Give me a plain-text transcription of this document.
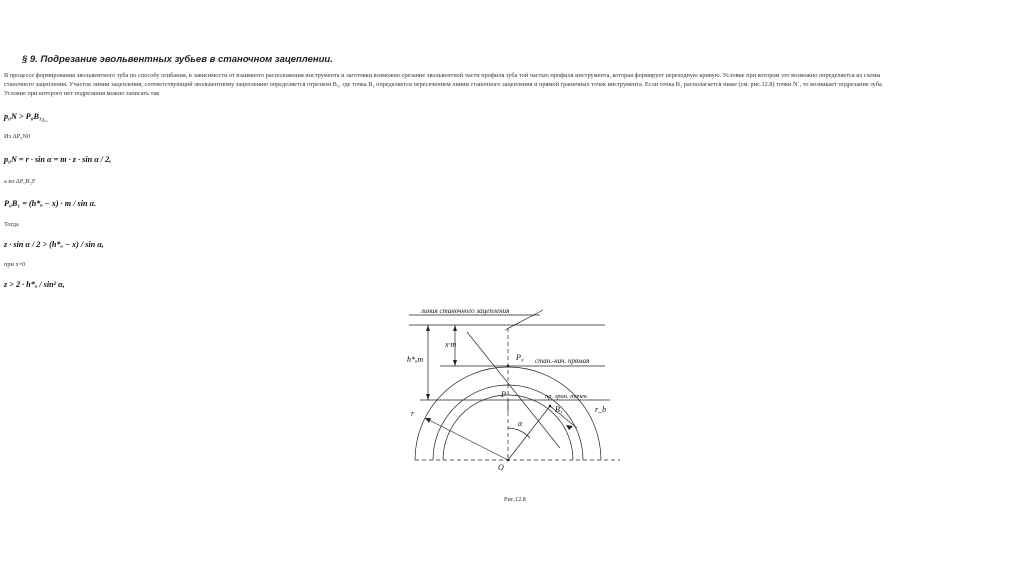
§ 9. Подрезание эвольвентных зубьев в станочном зацеплении.
В процессе формирования эвольвентного зуба по способу огибания, в зависимости от взаимного расположения инструмента и заготовки возможно срезание эвольвентной части профиля зуба той частью профиля инструмента, которая формирует переходную кривую. Условие при котором это возможно определяется из схемы
станочного зацепления. Участок линии зацепления, соответствующий эвольвентному зацеплению определяется отрезком B₁, где точка B₁ определяется пересечением линии станочного зацепления и прямой граничных точек инструмента. Если точка B₁ располагается ниже (см. рис.12.8) точки N`, то возникает подрезание зуба.
Условие при которого нет подрезания можно записать так
$p_0N > P_0B_1_{1...}$
Из ΔP₀N0
p₀N = r · sin α = m · z · sin α / 2,
а из ΔP₀B₂F
P₀B₁ = (h*ₐ − x) · m / sin α.
Тогда
z · sin α / 2 > (h*ₐ − x) / sin α,
при x=0
z > 2 · h*ₐ / sin² α,
линия станочного зацепления
x·m
h*ₐm	P₀ стан.-нач. прямая
P	пр. гран. точек
B₁	r_b
r
α
O
Рис.12.8
